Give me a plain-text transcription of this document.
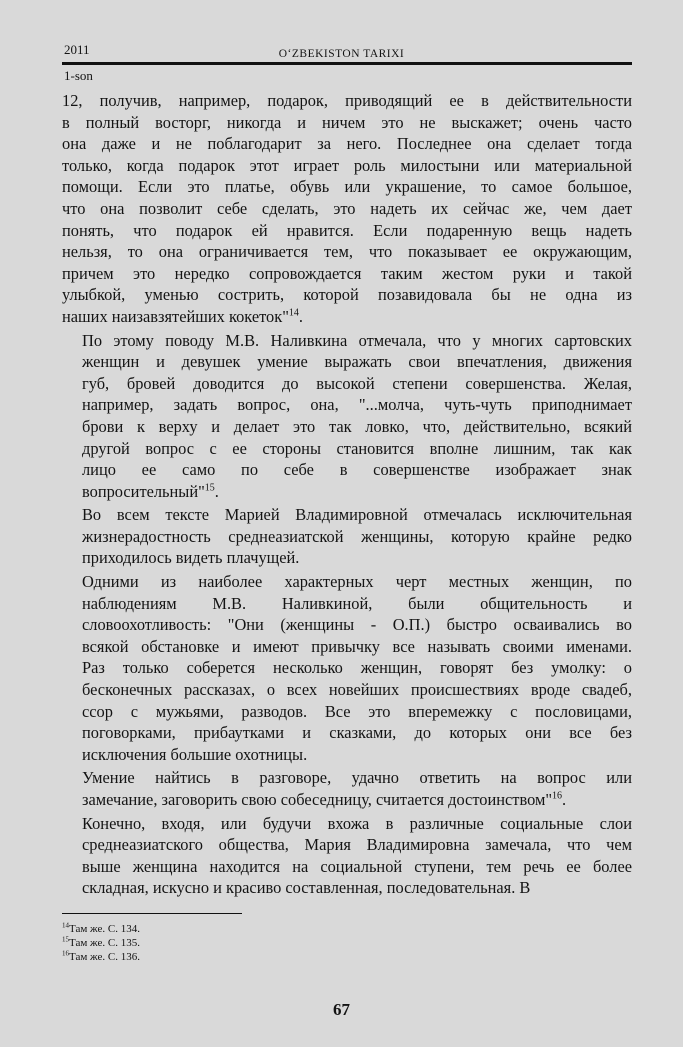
2011	O‘ZBEKISTON TARIXI
1-son

12, получив, например, подарок, приводящий ее в действительности
в полный восторг, никогда и ничем это не выскажет; очень часто
она даже и не поблагодарит за него. Последнее она сделает тогда
только, когда подарок этот играет роль милостыни или материальной
помощи. Если это платье, обувь или украшение, то самое большое,
что она позволит себе сделать, это надеть их сейчас же, чем дает
понять, что подарок ей нравится. Если подаренную вещь надеть
нельзя, то она ограничивается тем, что показывает ее окружающим,
причем это нередко сопровождается таким жестом руки и такой
улыбкой, уменью сострить, которой позавидовала бы не одна из
наших наизавзятейших кокеток"$^{14}$.

По этому поводу М.В. Наливкина отмечала, что у многих сартовских
женщин и девушек умение выражать свои впечатления, движения
губ, бровей доводится до высокой степени совершенства. Желая,
например, задать вопрос, она, "...молча, чуть-чуть приподнимает
брови к верху и делает это так ловко, что, действительно, всякий
другой вопрос с ее стороны становится вполне лишним, так как
лицо ее само по себе в совершенстве изображает знак
вопросительный"$^{15}$.

Во всем тексте Марией Владимировной отмечалась исключительная
жизнерадостность среднеазиатской женщины, которую крайне редко
приходилось видеть плачущей.

Одними из наиболее характерных черт местных женщин, по
наблюдениям М.В. Наливкиной, были общительность и
словоохотливость: "Они (женщины - О.П.) быстро осваивались во
всякой обстановке и имеют привычку все называть своими именами.
Раз только соберется несколько женщин, говорят без умолку: о
бесконечных рассказах, о всех новейших происшествиях вроде свадеб,
ссор с мужьями, разводов. Все это вперемежку с пословицами,
поговорками, прибаутками и сказками, до которых они все без
исключения большие охотницы.

Умение найтись в разговоре, удачно ответить на вопрос или
замечание, заговорить свою собеседницу, считается достоинством"$^{16}$.

Конечно, входя, или будучи вхожа в различные социальные слои
среднеазиатского общества, Мария Владимировна замечала, что чем
выше женщина находится на социальной ступени, тем речь ее более
складная, искусно и красиво составленная, последовательная. В

$^{14}$Там же. С. 134.
$^{15}$Там же. С. 135.
$^{16}$Там же. С. 136.
67
